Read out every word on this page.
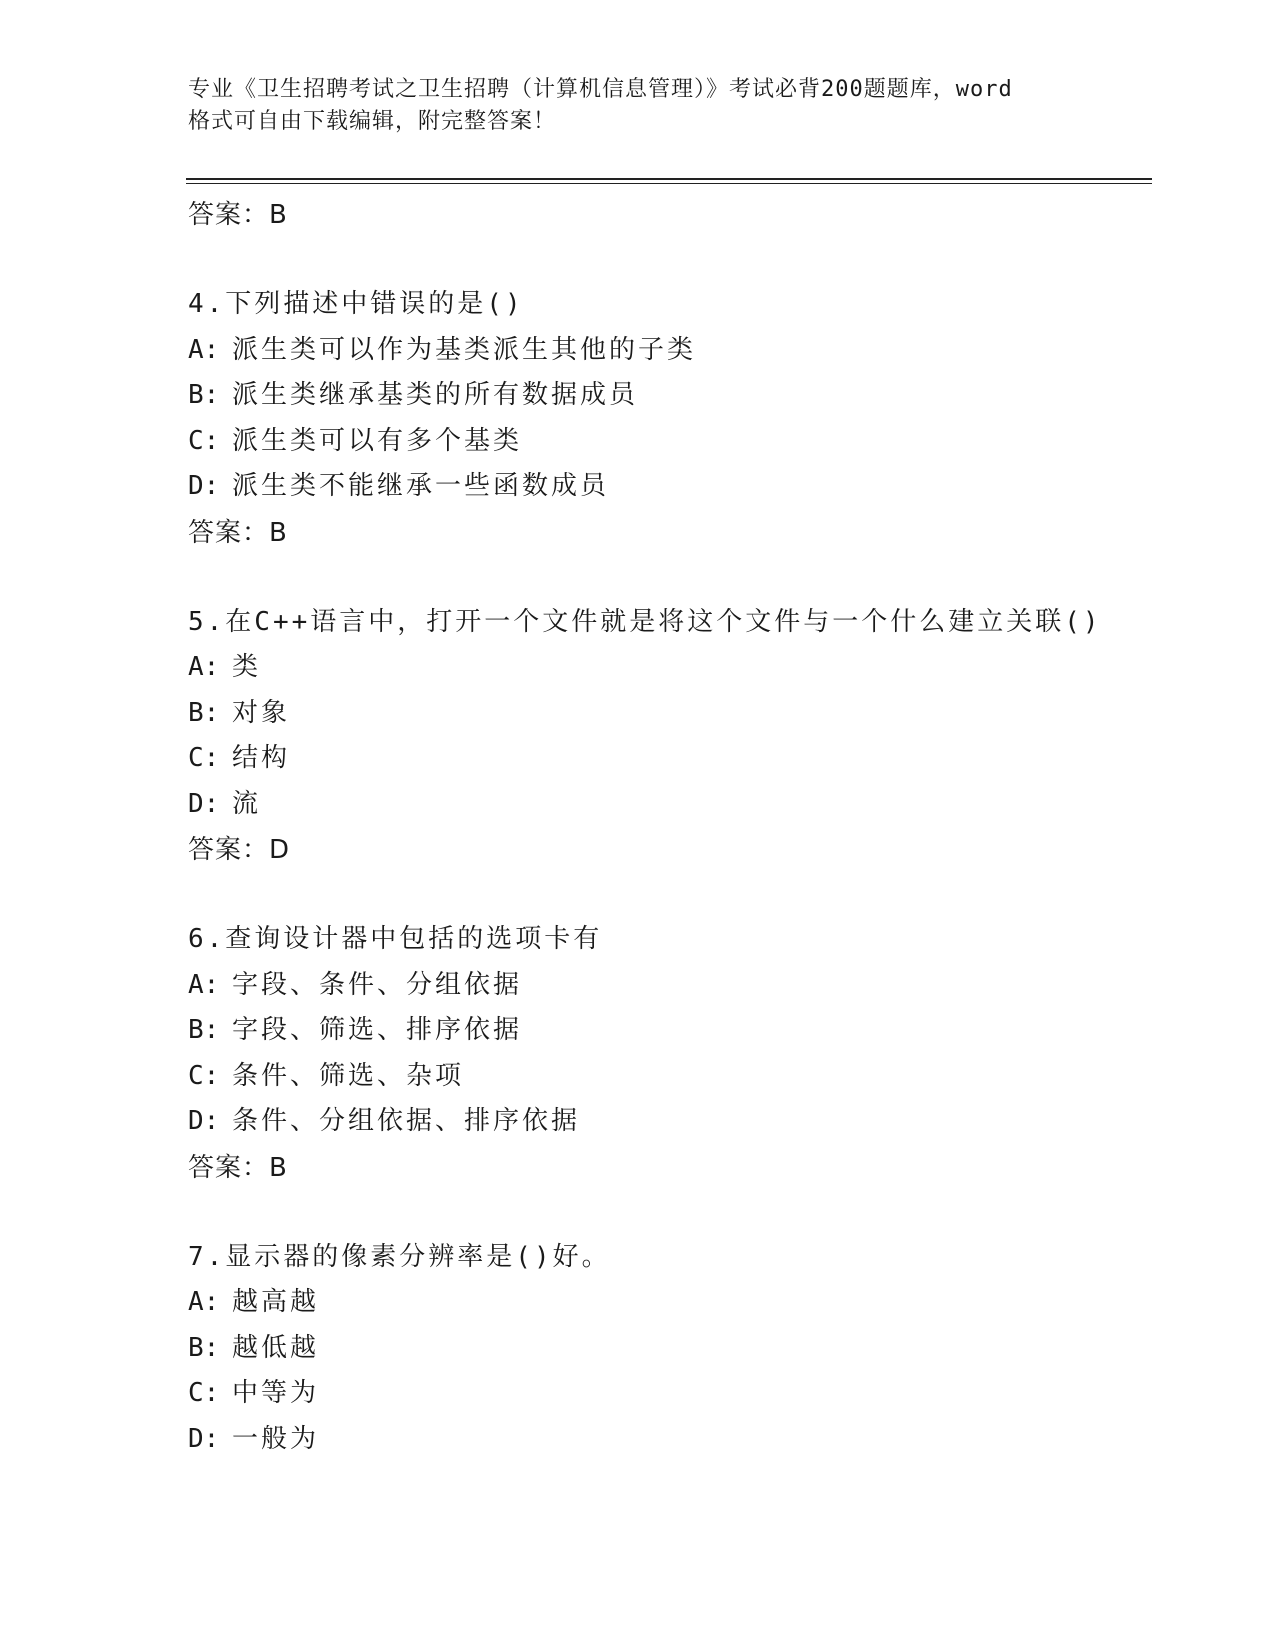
专业《卫生招聘考试之卫生招聘（计算机信息管理）》考试必背200题题库，word
格式可自由下载编辑，附完整答案！
答案：B
4.下列描述中错误的是()
A: 派生类可以作为基类派生其他的子类
B: 派生类继承基类的所有数据成员
C: 派生类可以有多个基类
D: 派生类不能继承一些函数成员
答案：B
5.在C++语言中，打开一个文件就是将这个文件与一个什么建立关联()
A: 类
B: 对象
C: 结构
D: 流
答案：D
6.查询设计器中包括的选项卡有
A: 字段、条件、分组依据
B: 字段、筛选、排序依据
C: 条件、筛选、杂项
D: 条件、分组依据、排序依据
答案：B
7.显示器的像素分辨率是()好。
A: 越高越
B: 越低越
C: 中等为
D: 一般为
